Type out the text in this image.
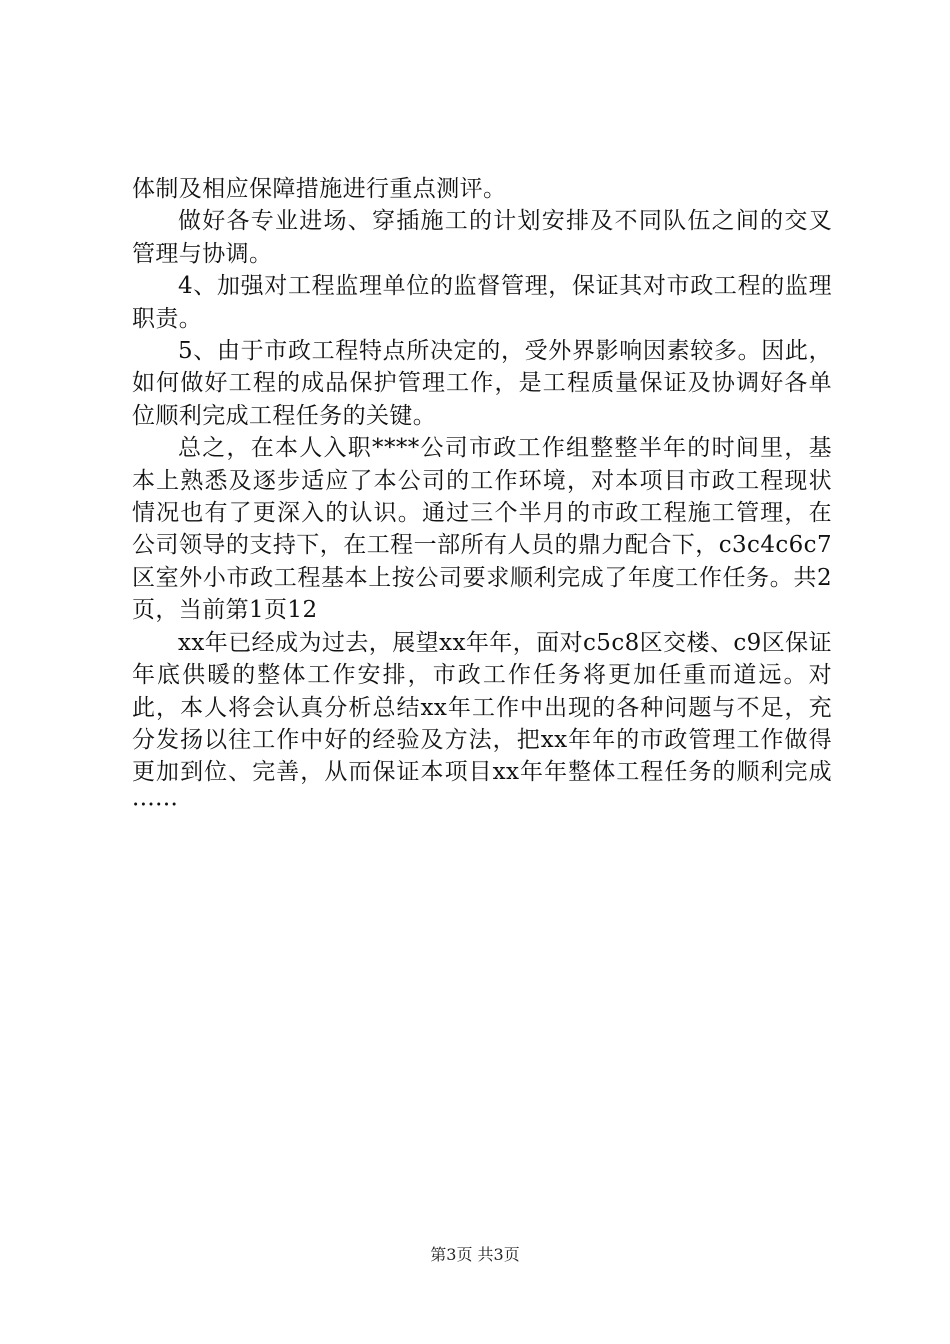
体制及相应保障措施进行重点测评。

做好各专业进场、穿插施工的计划安排及不同队伍之间的交叉管理与协调。

4、加强对工程监理单位的监督管理，保证其对市政工程的监理职责。

5、由于市政工程特点所决定的，受外界影响因素较多。因此，如何做好工程的成品保护管理工作，是工程质量保证及协调好各单位顺利完成工程任务的关键。

总之，在本人入职****公司市政工作组整整半年的时间里，基本上熟悉及逐步适应了本公司的工作环境，对本项目市政工程现状情况也有了更深入的认识。通过三个半月的市政工程施工管理，在公司领导的支持下，在工程一部所有人员的鼎力配合下，c3c4c6c7区室外小市政工程基本上按公司要求顺利完成了年度工作任务。共2页，当前第1页12

xx年已经成为过去，展望xx年年，面对c5c8区交楼、c9区保证年底供暖的整体工作安排，市政工作任务将更加任重而道远。对此，本人将会认真分析总结xx年工作中出现的各种问题与不足，充分发扬以往工作中好的经验及方法，把xx年年的市政管理工作做得更加到位、完善，从而保证本项目xx年年整体工程任务的顺利完成······

第3页 共3页
